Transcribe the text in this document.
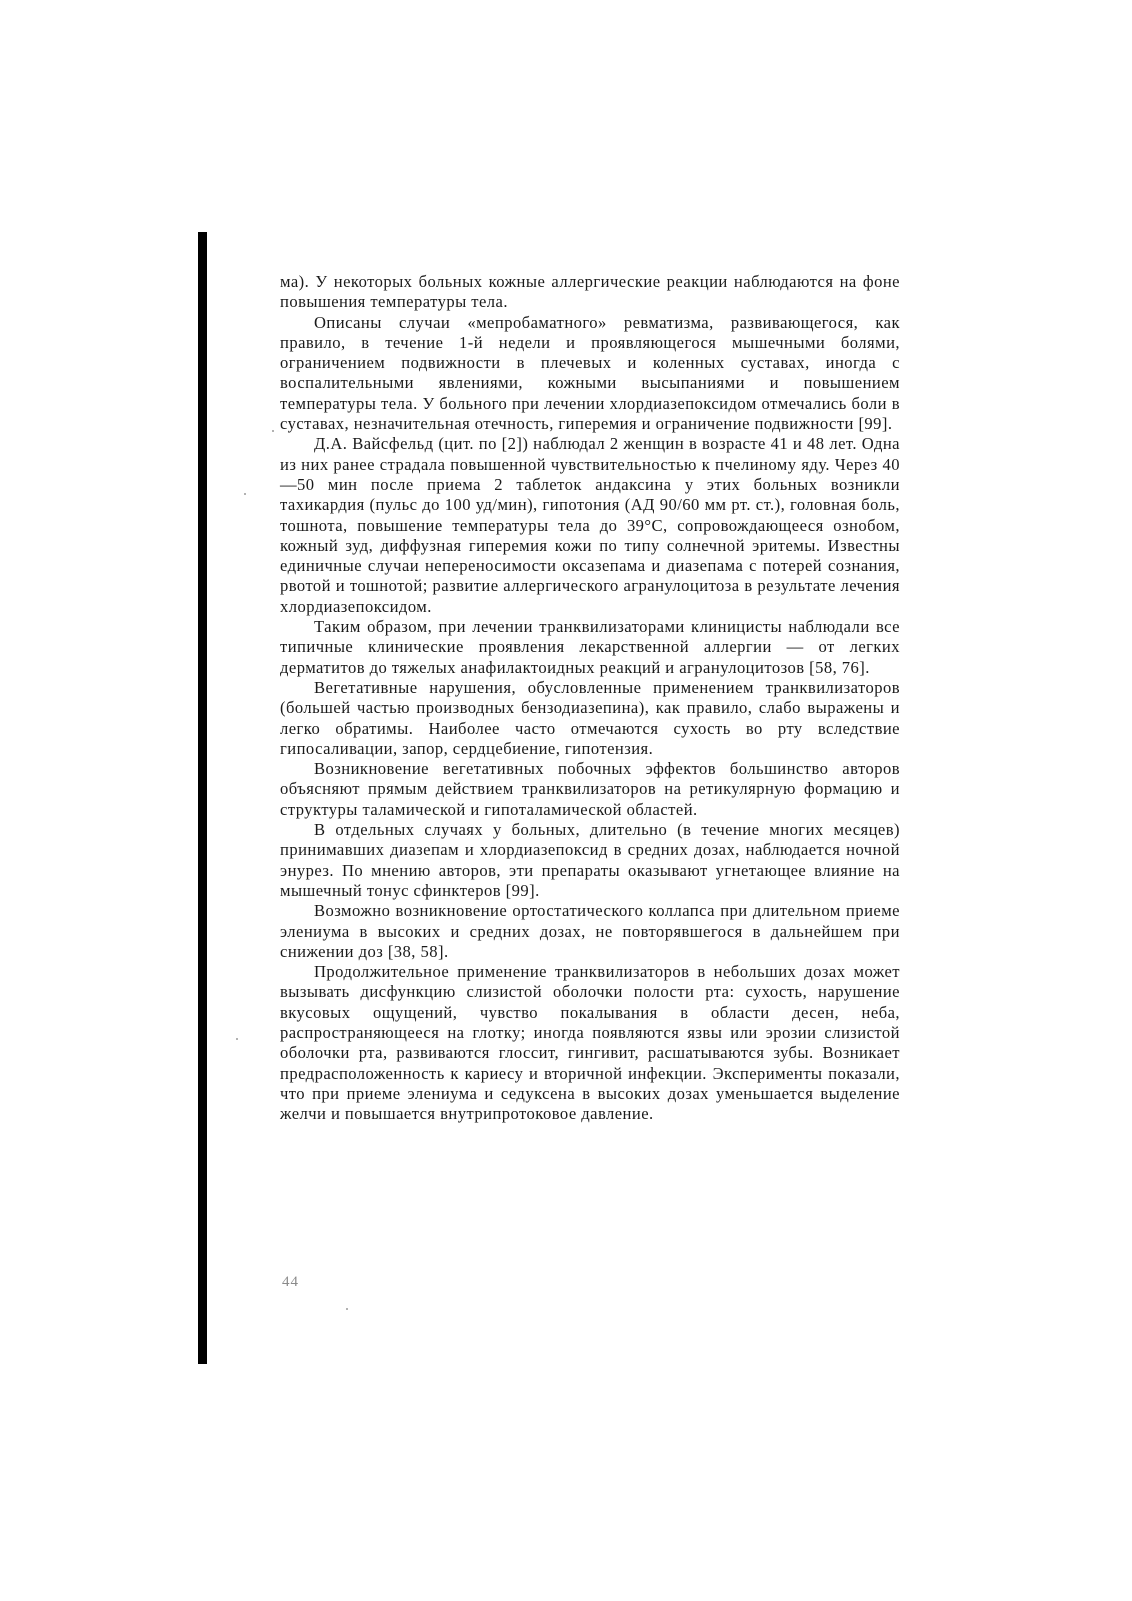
ма). У некоторых больных кожные аллергические реакции наблюдаются на фоне повышения температуры тела.

Описаны случаи «мепробаматного» ревматизма, развивающегося, как правило, в течение 1-й недели и проявляющегося мышечными болями, ограничением подвижности в плечевых и коленных суставах, иногда с воспалительными явлениями, кожными высыпаниями и повышением температуры тела. У больного при лечении хлордиазепоксидом отмечались боли в суставах, незначительная отечность, гиперемия и ограничение подвижности [99].

Д.А. Вайсфельд (цит. по [2]) наблюдал 2 женщин в возрасте 41 и 48 лет. Одна из них ранее страдала повышенной чувствительностью к пчелиному яду. Через 40—50 мин после приема 2 таблеток андаксина у этих больных возникли тахикардия (пульс до 100 уд/мин), гипотония (АД 90/60 мм рт. ст.), головная боль, тошнота, повышение температуры тела до 39°С, сопровождающееся ознобом, кожный зуд, диффузная гиперемия кожи по типу солнечной эритемы. Известны единичные случаи непереносимости оксазепама и диазепама с потерей сознания, рвотой и тошнотой; развитие аллергического агранулоцитоза в результате лечения хлордиазепоксидом.

Таким образом, при лечении транквилизаторами клиницисты наблюдали все типичные клинические проявления лекарственной аллергии — от легких дерматитов до тяжелых анафилактоидных реакций и агранулоцитозов [58, 76].

Вегетативные нарушения, обусловленные применением транквилизаторов (большей частью производных бензодиазепина), как правило, слабо выражены и легко обратимы. Наиболее часто отмечаются сухость во рту вследствие гипосаливации, запор, сердцебиение, гипотензия.

Возникновение вегетативных побочных эффектов большинство авторов объясняют прямым действием транквилизаторов на ретикулярную формацию и структуры таламической и гипоталамической областей.

В отдельных случаях у больных, длительно (в течение многих месяцев) принимавших диазепам и хлордиазепоксид в средних дозах, наблюдается ночной энурез. По мнению авторов, эти препараты оказывают угнетающее влияние на мышечный тонус сфинктеров [99].

Возможно возникновение ортостатического коллапса при длительном приеме элениума в высоких и средних дозах, не повторявшегося в дальнейшем при снижении доз [38, 58].

Продолжительное применение транквилизаторов в небольших дозах может вызывать дисфункцию слизистой оболочки полости рта: сухость, нарушение вкусовых ощущений, чувство покалывания в области десен, неба, распространяющееся на глотку; иногда появляются язвы или эрозии слизистой оболочки рта, развиваются глоссит, гингивит, расшатываются зубы. Возникает предрасположенность к кариесу и вторичной инфекции. Эксперименты показали, что при приеме элениума и седуксена в высоких дозах уменьшается выделение желчи и повышается внутрипротоковое давление.

44
